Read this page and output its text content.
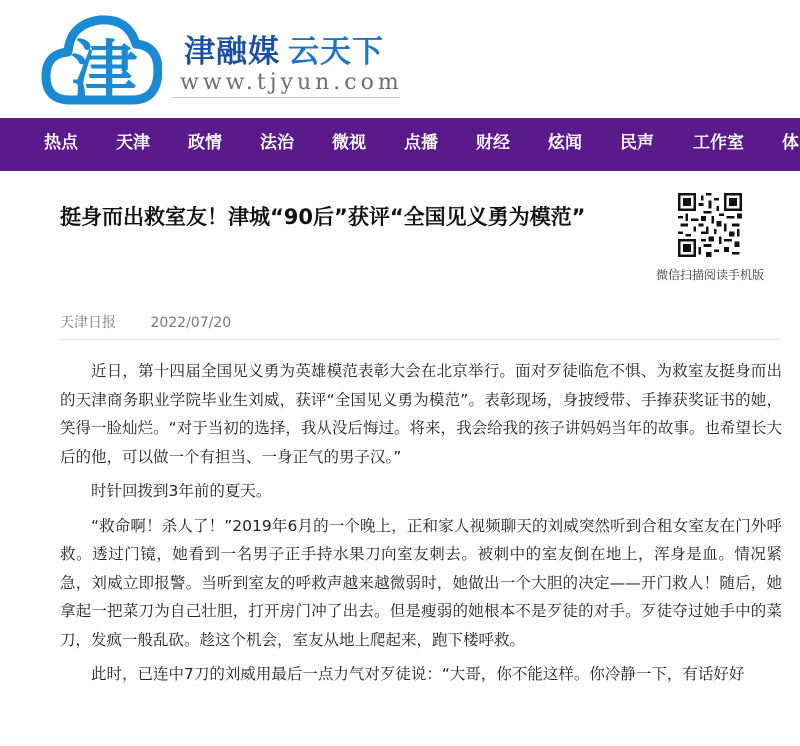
津 津融媒 云天下
www.tjyun.com
热点 天津 政情 法治 微视 点播 财经 炫闻 民声 工作室 体
挺身而出救室友！津城“90后”获评“全国见义勇为模范”
微信扫描阅读手机版
天津日报 2022/07/20

近日，第十四届全国见义勇为英雄模范表彰大会在北京举行。面对歹徒临危不惧、为救室友挺身而出的天津商务职业学院毕业生刘威，获评“全国见义勇为模范”。表彰现场，身披绶带、手捧获奖证书的她，笑得一脸灿烂。“对于当初的选择，我从没后悔过。将来，我会给我的孩子讲妈妈当年的故事。也希望长大后的他，可以做一个有担当、一身正气的男子汉。”

时针回拨到3年前的夏天。

“救命啊！杀人了！”2019年6月的一个晚上，正和家人视频聊天的刘威突然听到合租女室友在门外呼救。透过门镜，她看到一名男子正手持水果刀向室友刺去。被刺中的室友倒在地上，浑身是血。情况紧急，刘威立即报警。当听到室友的呼救声越来越微弱时，她做出一个大胆的决定——开门救人！随后，她拿起一把菜刀为自己壮胆，打开房门冲了出去。但是瘦弱的她根本不是歹徒的对手。歹徒夺过她手中的菜刀，发疯一般乱砍。趁这个机会，室友从地上爬起来，跑下楼呼救。

此时，已连中7刀的刘威用最后一点力气对歹徒说：“大哥，你不能这样。你冷静一下，有话好好
